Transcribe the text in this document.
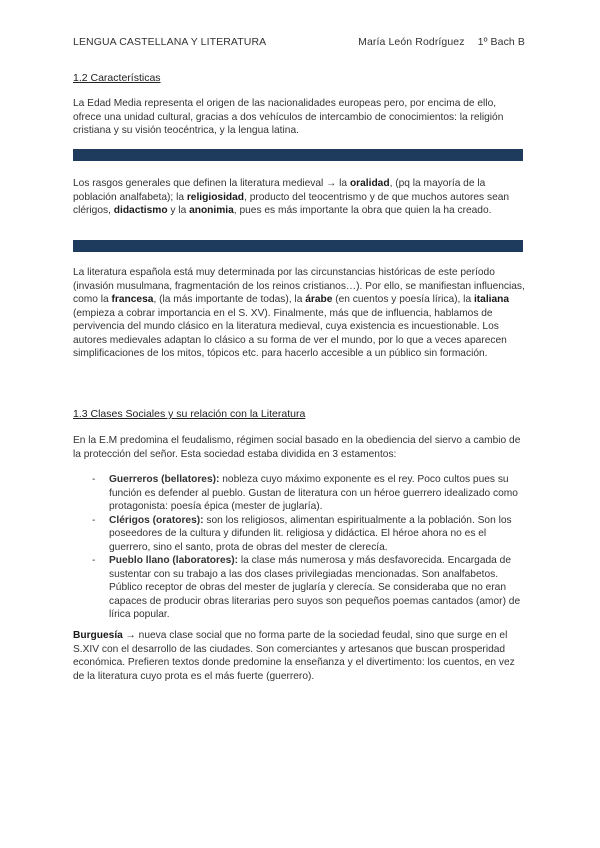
LENGUA CASTELLANA Y LITERATURA	María León Rodríguez 1º Bach B
1.2 Características

La Edad Media representa el origen de las nacionalidades europeas pero, por encima de ello, ofrece una unidad cultural, gracias a dos vehículos de intercambio de conocimientos: la religión cristiana y su visión teocéntrica, y la lengua latina.

Los rasgos generales que definen la literatura medieval → la oralidad, (pq la mayoría de la población analfabeta); la religiosidad, producto del teocentrismo y de que muchos autores sean clérigos, didactismo y la anonimia, pues es más importante la obra que quien la ha creado.

La literatura española está muy determinada por las circunstancias históricas de este período (invasión musulmana, fragmentación de los reinos cristianos…). Por ello, se manifiestan influencias, como la francesa, (la más importante de todas), la árabe (en cuentos y poesía lírica), la italiana (empieza a cobrar importancia en el S. XV). Finalmente, más que de influencia, hablamos de pervivencia del mundo clásico en la literatura medieval, cuya existencia es incuestionable. Los autores medievales adaptan lo clásico a su forma de ver el mundo, por lo que a veces aparecen simplificaciones de los mitos, tópicos etc. para hacerlo accesible a un público sin formación.

1.3 Clases Sociales y su relación con la Literatura

En la E.M predomina el feudalismo, régimen social basado en la obediencia del siervo a cambio de la protección del señor. Esta sociedad estaba dividida en 3 estamentos:

- Guerreros (bellatores): nobleza cuyo máximo exponente es el rey. Poco cultos pues su función es defender al pueblo. Gustan de literatura con un héroe guerrero idealizado como protagonista: poesía épica (mester de juglaría).
- Clérigos (oratores): son los religiosos, alimentan espiritualmente a la población. Son los poseedores de la cultura y difunden lit. religiosa y didáctica. El héroe ahora no es el guerrero, sino el santo, prota de obras del mester de clerecía.
- Pueblo llano (laboratores): la clase más numerosa y más desfavorecida. Encargada de sustentar con su trabajo a las dos clases privilegiadas mencionadas. Son analfabetos. Público receptor de obras del mester de juglaría y clerecía. Se consideraba que no eran capaces de producir obras literarias pero suyos son pequeños poemas cantados (amor) de lírica popular.

Burguesía → nueva clase social que no forma parte de la sociedad feudal, sino que surge en el S.XIV con el desarrollo de las ciudades. Son comerciantes y artesanos que buscan prosperidad económica. Prefieren textos donde predomine la enseñanza y el divertimento: los cuentos, en vez de la literatura cuyo prota es el más fuerte (guerrero).
